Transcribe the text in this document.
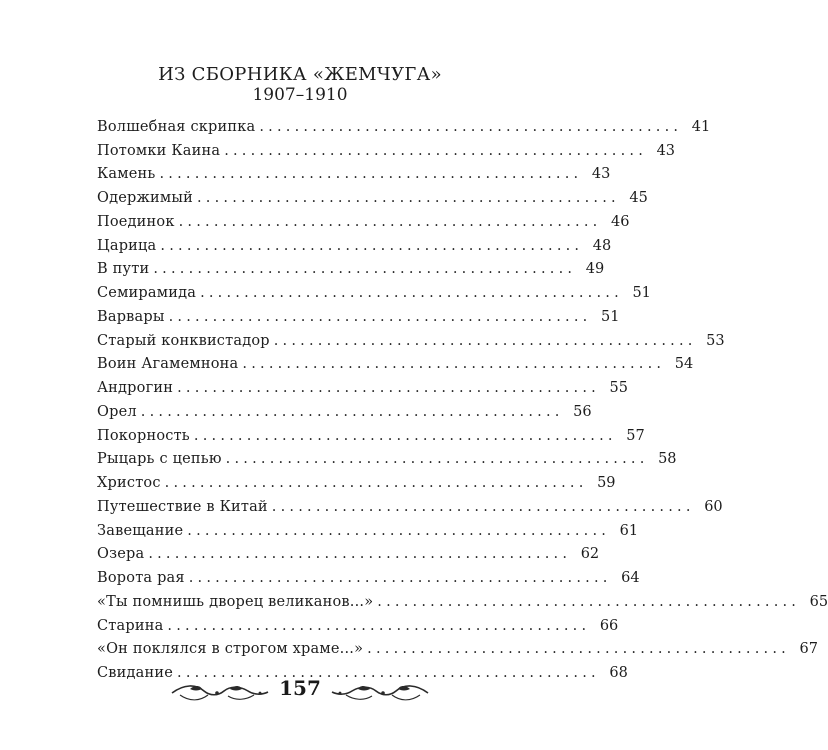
ИЗ СБОРНИКА «ЖЕМЧУГА»
1907–1910
Волшебная скрипка ................................................ 41
Потомки Каина ................................................ 43
Камень ................................................ 43
Одержимый ................................................ 45
Поединок ................................................ 46
Царица ................................................ 48
В пути ................................................ 49
Семирамида ................................................ 51
Варвары ................................................ 51
Старый конквистадор ................................................ 53
Воин Агамемнона ................................................ 54
Андрогин ................................................ 55
Орел ................................................ 56
Покорность ................................................ 57
Рыцарь с цепью ................................................ 58
Христос ................................................ 59
Путешествие в Китай ................................................ 60
Завещание ................................................ 61
Озера ................................................ 62
Ворота рая ................................................ 64
«Ты помнишь дворец великанов...» ................................................ 65
Старина ................................................ 66
«Он поклялся в строгом храме...» ................................................ 67
Свидание ................................................ 68
157
